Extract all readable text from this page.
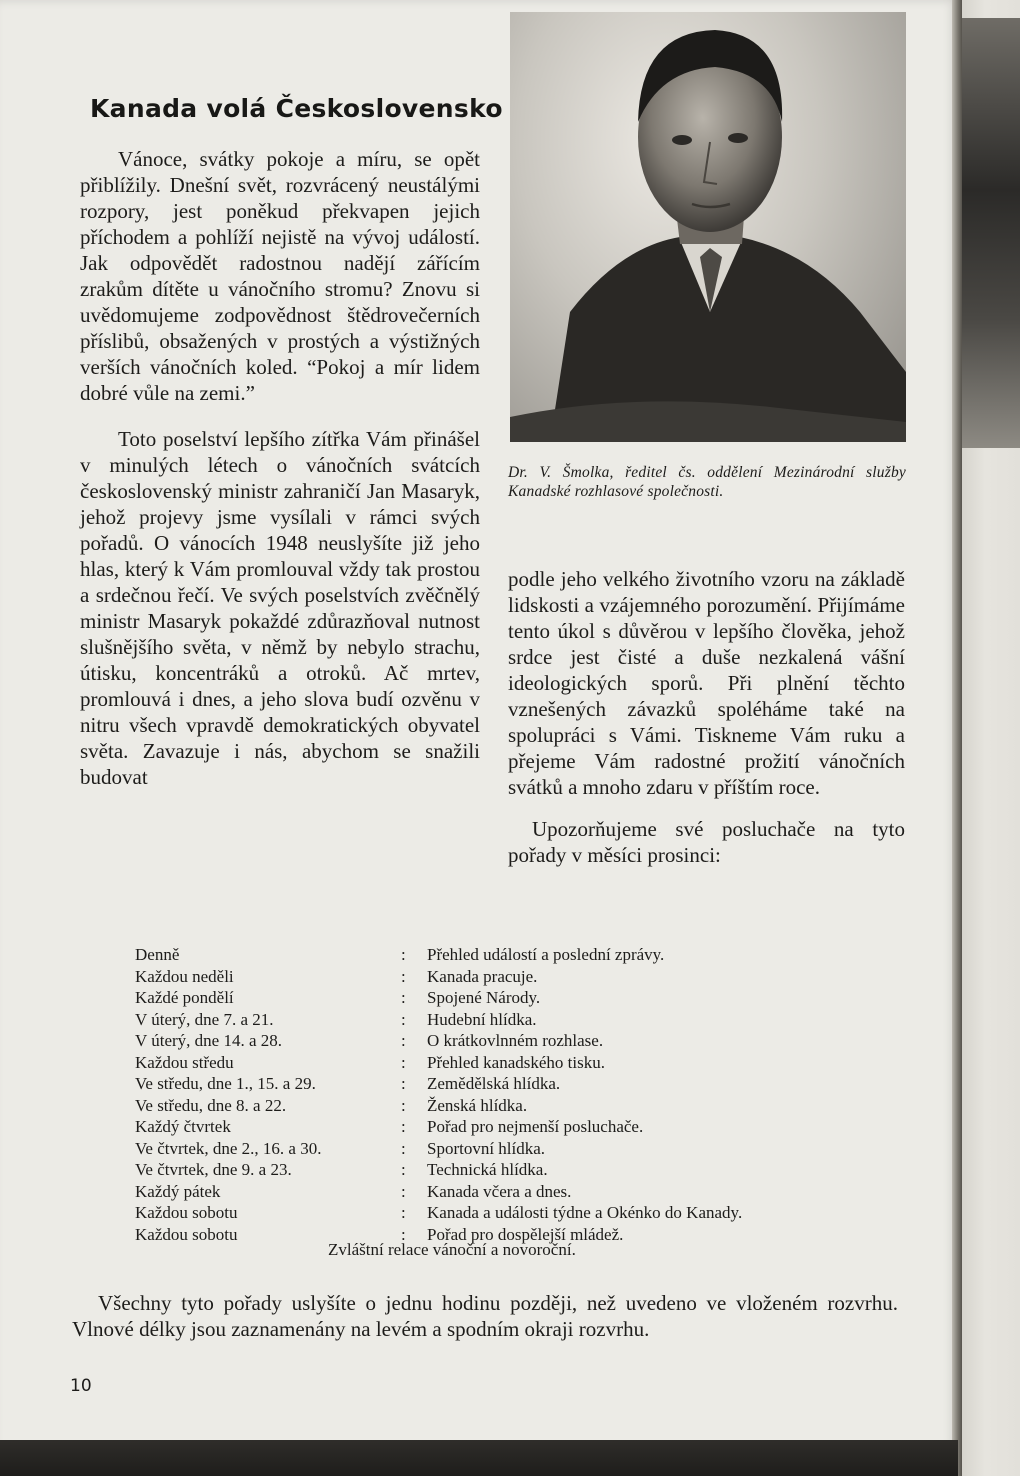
Kanada volá Československo

Vánoce, svátky pokoje a míru, se opět přiblížily. Dnešní svět, rozvrácený neustálými rozpory, jest poněkud překvapen jejich příchodem a pohlíží nejistě na vývoj událostí. Jak odpovědět radostnou nadějí zářícím zrakům dítěte u vánočního stromu? Znovu si uvědomujeme zodpovědnost štědrovečerních příslibů, obsažených v prostých a výstižných verších vánočních koled. “Pokoj a mír lidem dobré vůle na zemi.”

Toto poselství lepšího zítřka Vám přinášel v minulých létech o vánočních svátcích československý ministr zahraničí Jan Masaryk, jehož projevy jsme vysílali v rámci svých pořadů. O vánocích 1948 neuslyšíte již jeho hlas, který k Vám promlouval vždy tak prostou a srdečnou řečí. Ve svých poselstvích zvěčnělý ministr Masaryk pokaždé zdůrazňoval nutnost slušnějšího světa, v němž by nebylo strachu, útisku, koncentráků a otroků. Ač mrtev, promlouvá i dnes, a jeho slova budí ozvěnu v nitru všech vpravdě demokratických obyvatel světa. Zavazuje i nás, abychom se snažili budovat

Dr. V. Šmolka, ředitel čs. oddělení Mezinárodní služby Kanadské rozhlasové společnosti.

podle jeho velkého životního vzoru na základě lidskosti a vzájemného porozumění. Přijímáme tento úkol s důvěrou v lepšího člověka, jehož srdce jest čisté a duše nezkalená vášní ideologických sporů. Při plnění těchto vznešených závazků spoléháme také na spolupráci s Vámi. Tiskneme Vám ruku a přejeme Vám radostné prožití vánočních svátků a mnoho zdaru v příštím roce.

Upozorňujeme své posluchače na tyto pořady v měsíci prosinci:

Denně	: Přehled událostí a poslední zprávy.
Každou neděli	: Kanada pracuje.
Každé pondělí	: Spojené Národy.
V úterý, dne 7. a 21.	: Hudební hlídka.
V úterý, dne 14. a 28.	: O krátkovlnném rozhlase.
Každou středu	: Přehled kanadského tisku.
Ve středu, dne 1., 15. a 29.	: Zemědělská hlídka.
Ve středu, dne 8. a 22.	: Ženská hlídka.
Každý čtvrtek	: Pořad pro nejmenší posluchače.
Ve čtvrtek, dne 2., 16. a 30.	: Sportovní hlídka.
Ve čtvrtek, dne 9. a 23.	: Technická hlídka.
Každý pátek	: Kanada včera a dnes.
Každou sobotu	: Kanada a události týdne a Okénko do Kanady.
Každou sobotu	: Pořad pro dospělejší mládež.
Zvláštní relace vánoční a novoroční.

Všechny tyto pořady uslyšíte o jednu hodinu později, než uvedeno ve vloženém rozvrhu. Vlnové délky jsou zaznamenány na levém a spodním okraji rozvrhu.

10
